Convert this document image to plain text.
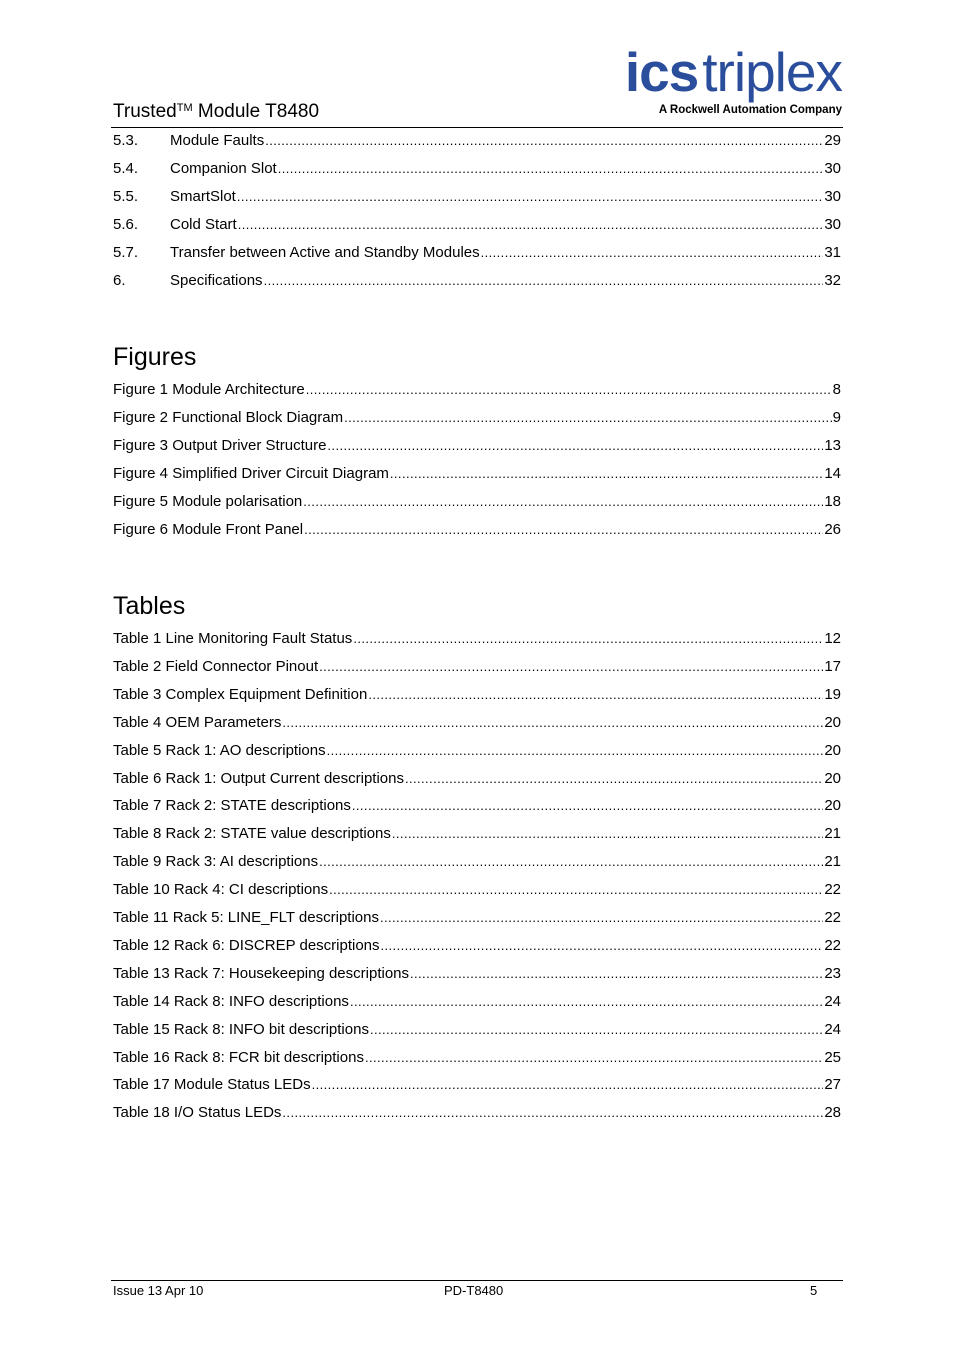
Trusted™ Module T8480
icstriplex
A Rockwell Automation Company
5.3.	Module Faults .....	29
5.4.	Companion Slot .....	30
5.5.	SmartSlot .....	30
5.6.	Cold Start .....	30
5.7.	Transfer between Active and Standby Modules .....	31
6.	Specifications .....	32
Figures
Figure 1 Module Architecture .....	8
Figure 2 Functional Block Diagram .....	9
Figure 3 Output Driver Structure .....	13
Figure 4 Simplified Driver Circuit Diagram .....	14
Figure 5 Module polarisation .....	18
Figure 6 Module Front Panel .....	26
Tables
Table 1 Line Monitoring Fault Status .....	12
Table 2 Field Connector Pinout .....	17
Table 3 Complex Equipment Definition .....	19
Table 4 OEM Parameters .....	20
Table 5 Rack 1: AO descriptions .....	20
Table 6 Rack 1: Output Current descriptions .....	20
Table 7 Rack 2: STATE descriptions .....	20
Table 8 Rack 2: STATE value descriptions .....	21
Table 9 Rack 3: AI descriptions .....	21
Table 10 Rack 4: CI descriptions .....	22
Table 11 Rack 5: LINE_FLT descriptions .....	22
Table 12 Rack 6: DISCREP descriptions .....	22
Table 13 Rack 7: Housekeeping descriptions .....	23
Table 14 Rack 8: INFO descriptions .....	24
Table 15 Rack 8: INFO bit descriptions .....	24
Table 16 Rack 8: FCR bit descriptions .....	25
Table 17 Module Status LEDs .....	27
Table 18 I/O Status LEDs .....	28
Issue 13 Apr 10	PD-T8480	5
